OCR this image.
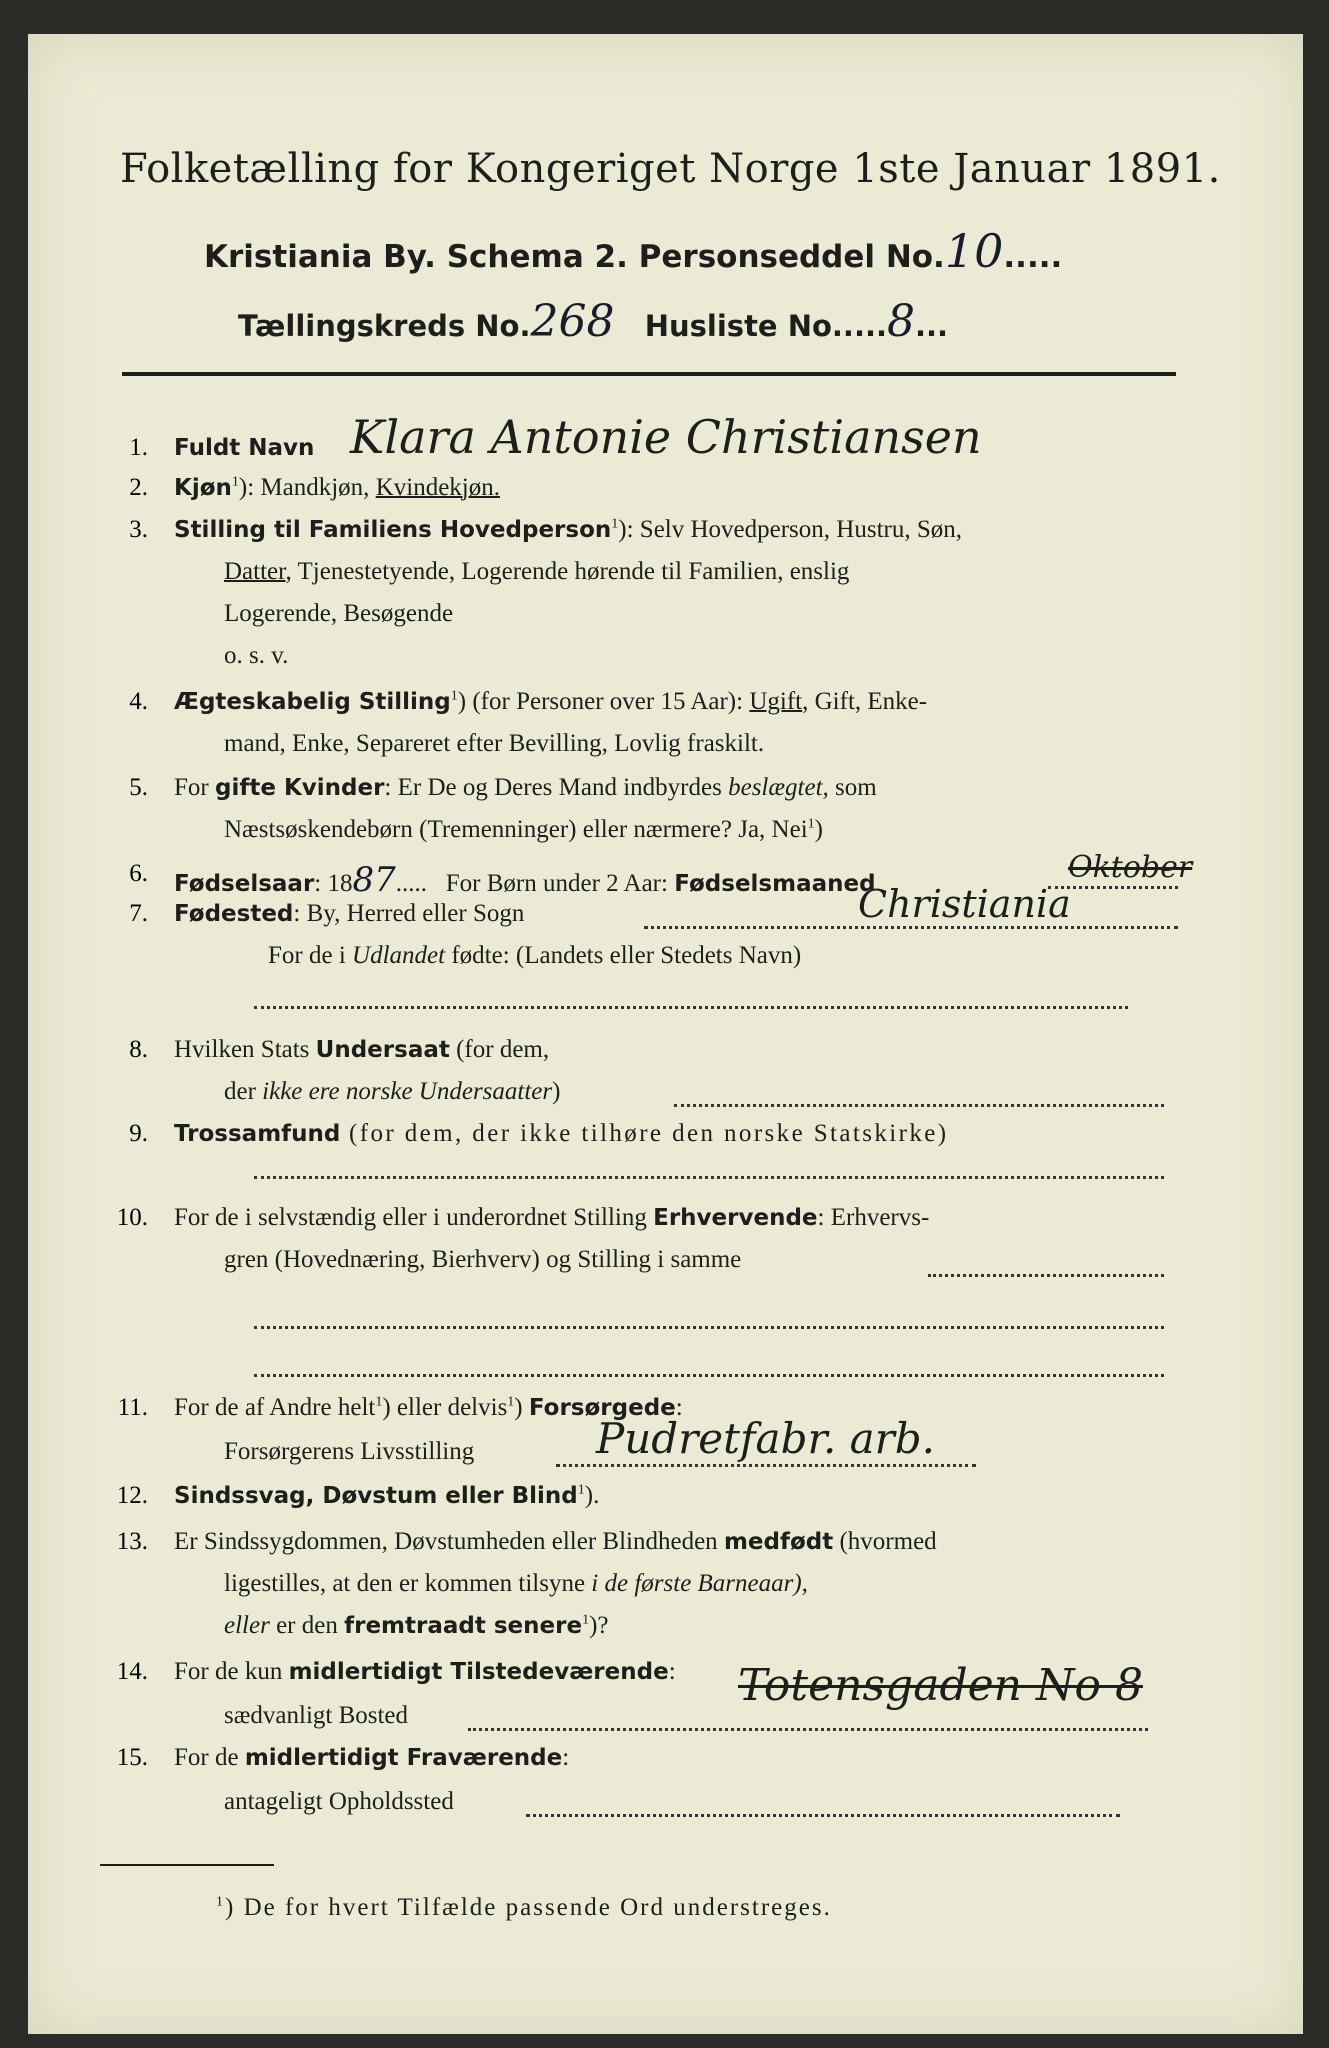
Folketælling for Kongeriget Norge 1ste Januar 1891.
Kristiania By. Schema 2. Personseddel No.10.....
Tællingskreds No.268 Husliste No.....8...
1. Fuldt Navn Klara Antonie Christiansen
2. Kjøn$^1$): Mandkjøn, Kvindekjøn.
3. Stilling til Familiens Hovedperson$^1$): Selv Hovedperson, Hustru, Søn,
Datter, Tjenestetyende, Logerende hørende til Familien, enslig
Logerende, Besøgende
o. s. v.
4. Ægteskabelig Stilling$^1$) (for Personer over 15 Aar): Ugift, Gift, Enke-
mand, Enke, Separeret efter Bevilling, Lovlig fraskilt.
5. For gifte Kvinder: Er De og Deres Mand indbyrdes beslægtet, som
Næstsøskendebørn (Tremenninger) eller nærmere? Ja, Nei$^1$)
6. Fødselsaar: 1887.....   For Børn under 2 Aar: Fødselsmaaned	Oktober
7. Fødested: By, Herred eller Sogn	Christiania
For de i Udlandet fødte: (Landets eller Stedets Navn)
8. Hvilken Stats Undersaat (for dem,
der ikke ere norske Undersaatter)
9. Trossamfund (for dem, der ikke tilhøre den norske Statskirke)
10. For de i selvstændig eller i underordnet Stilling Erhvervende: Erhvervs-
gren (Hovednæring, Bierhverv) og Stilling i samme
11. For de af Andre helt$^1$) eller delvis$^1$) Forsørgede:
Forsørgerens Livsstilling	Pudretfabr. arb.
12. Sindssvag, Døvstum eller Blind$^1$).
13. Er Sindssygdommen, Døvstumheden eller Blindheden medfødt (hvormed
ligestilles, at den er kommen tilsyne i de første Barneaar),
eller er den fremtraadt senere$^1$)?
14. For de kun midlertidigt Tilstedeværende:
sædvanligt Bosted
Totensgaden No 8
15. For de midlertidigt Fraværende:
antageligt Opholdssted
$^1$) De for hvert Tilfælde passende Ord understreges.
